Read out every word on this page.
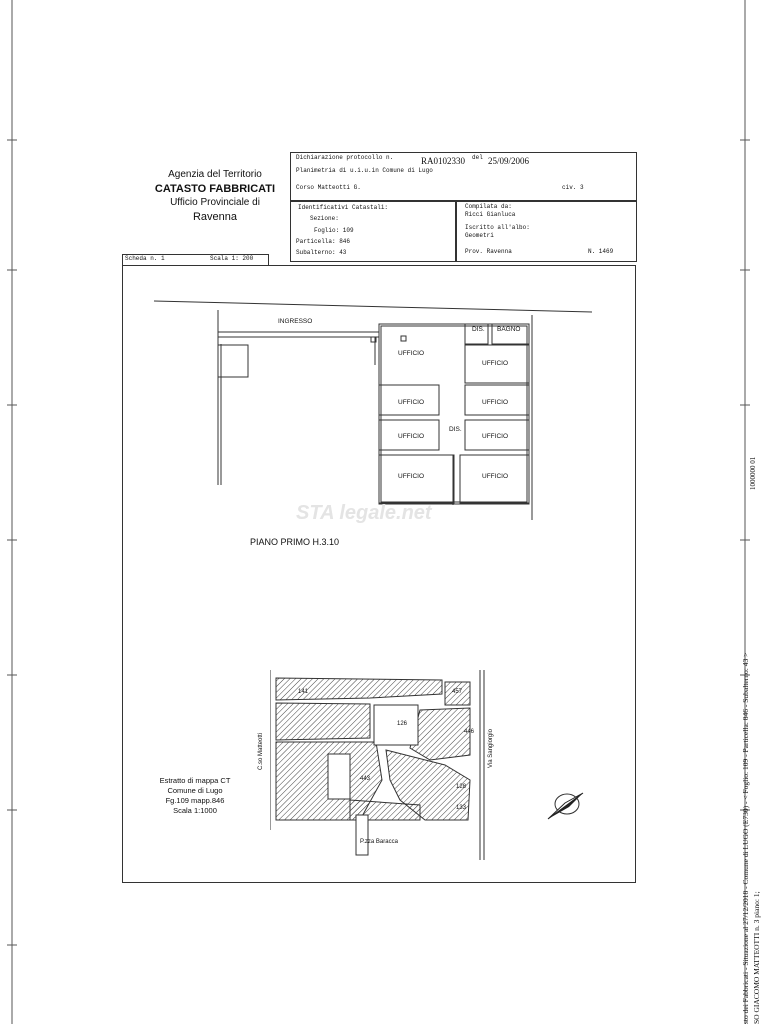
Agenzia del Territorio
CATASTO FABBRICATI
Ufficio Provinciale di
Ravenna
Dichiarazione protocollo n.	RA0102330 del 25/09/2006
Planimetria di u.i.u.in Comune di Lugo
Corso Matteotti G.	civ. 3
Identificativi Catastali:
Sezione:
Foglio: 109
Particella: 846
Subalterno: 43
Compilata da:
Ricci Gianluca
Iscritto all'albo:
Geometri
Prov. Ravenna	N. 1469
Scheda n. 1	Scala 1: 200
INGRESSO
DIS. BAGNO
UFFICIO
UFFICIO
UFFICIO	UFFICIO
DIS.
UFFICIO	UFFICIO
UFFICIO	UFFICIO
STA legale.net
PIANO PRIMO H.3.10
141	457
126
446
443
128
133
P.zza Baracca
C.so Matteotti	Via Sangiorgio
Estratto di mappa CT
Comune di Lugo
Fg.109 mapp.846
Scala 1:1000
1000000 01
sto dei Fabbricati - Situazione al 27/12/2018 - Comune di LUGO (E730) - < Foglio: 109 - Particella: 846 - Subalterno: 43 > SO GIACOMO MATTEOTTI n. 3 piano: 1;
